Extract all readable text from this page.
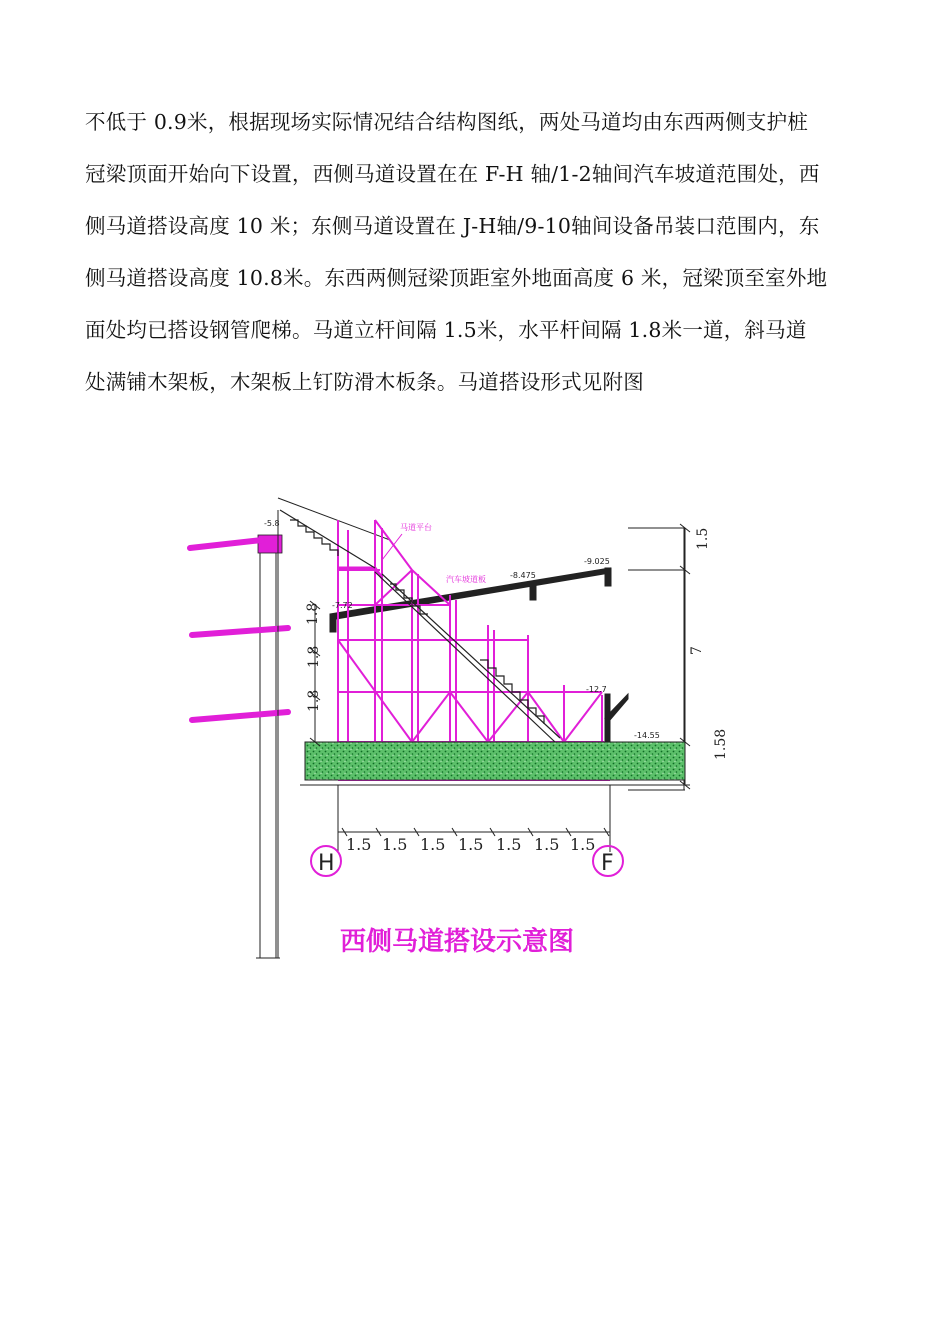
不低于 0.9米，根据现场实际情况结合结构图纸，两处马道均由东西两侧支护桩
冠梁顶面开始向下设置，西侧马道设置在在 F-H 轴/1-2轴间汽车坡道范围处，西
侧马道搭设高度 10 米；东侧马道设置在 J-H轴/9-10轴间设备吊装口范围内，东
侧马道搭设高度 10.8米。东西两侧冠梁顶距室外地面高度 6 米，冠梁顶至室外地
面处均已搭设钢管爬梯。马道立杆间隔 1.5米，水平杆间隔 1.8米一道，斜马道
处满铺木架板，木架板上钉防滑木板条。马道搭设形式见附图
-5.8
1.5 1.5 1.5 1.5 1.5 1.5 1.5
H	F
1.5
7
1.58
1.8
1.8
1.8
-7.72
-8.475
-9.025
-12.7
-14.55
马道平台
汽车坡道板
西侧马道搭设示意图
